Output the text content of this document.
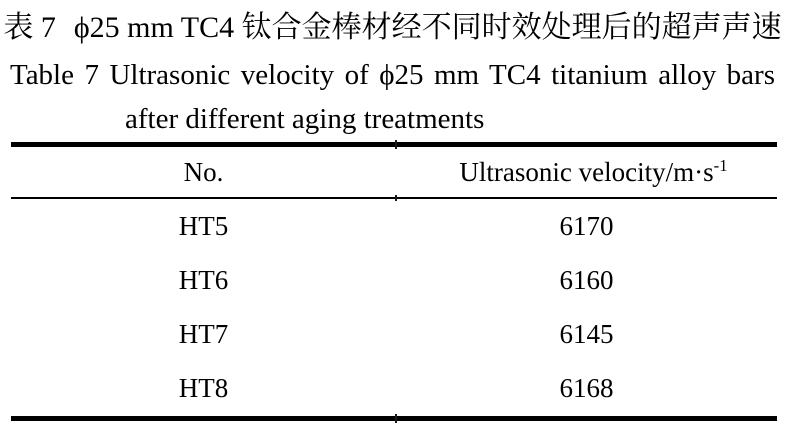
表 7 ϕ25 mm TC4 钛合金棒材经不同时效处理后的超声声速
Table 7 Ultrasonic velocity of ϕ25 mm TC4 titanium alloy bars
after different aging treatments
No.	Ultrasonic velocity/$m\cdot s^{-1}$
HT5	6170
HT6	6160
HT7	6145
HT8	6168
